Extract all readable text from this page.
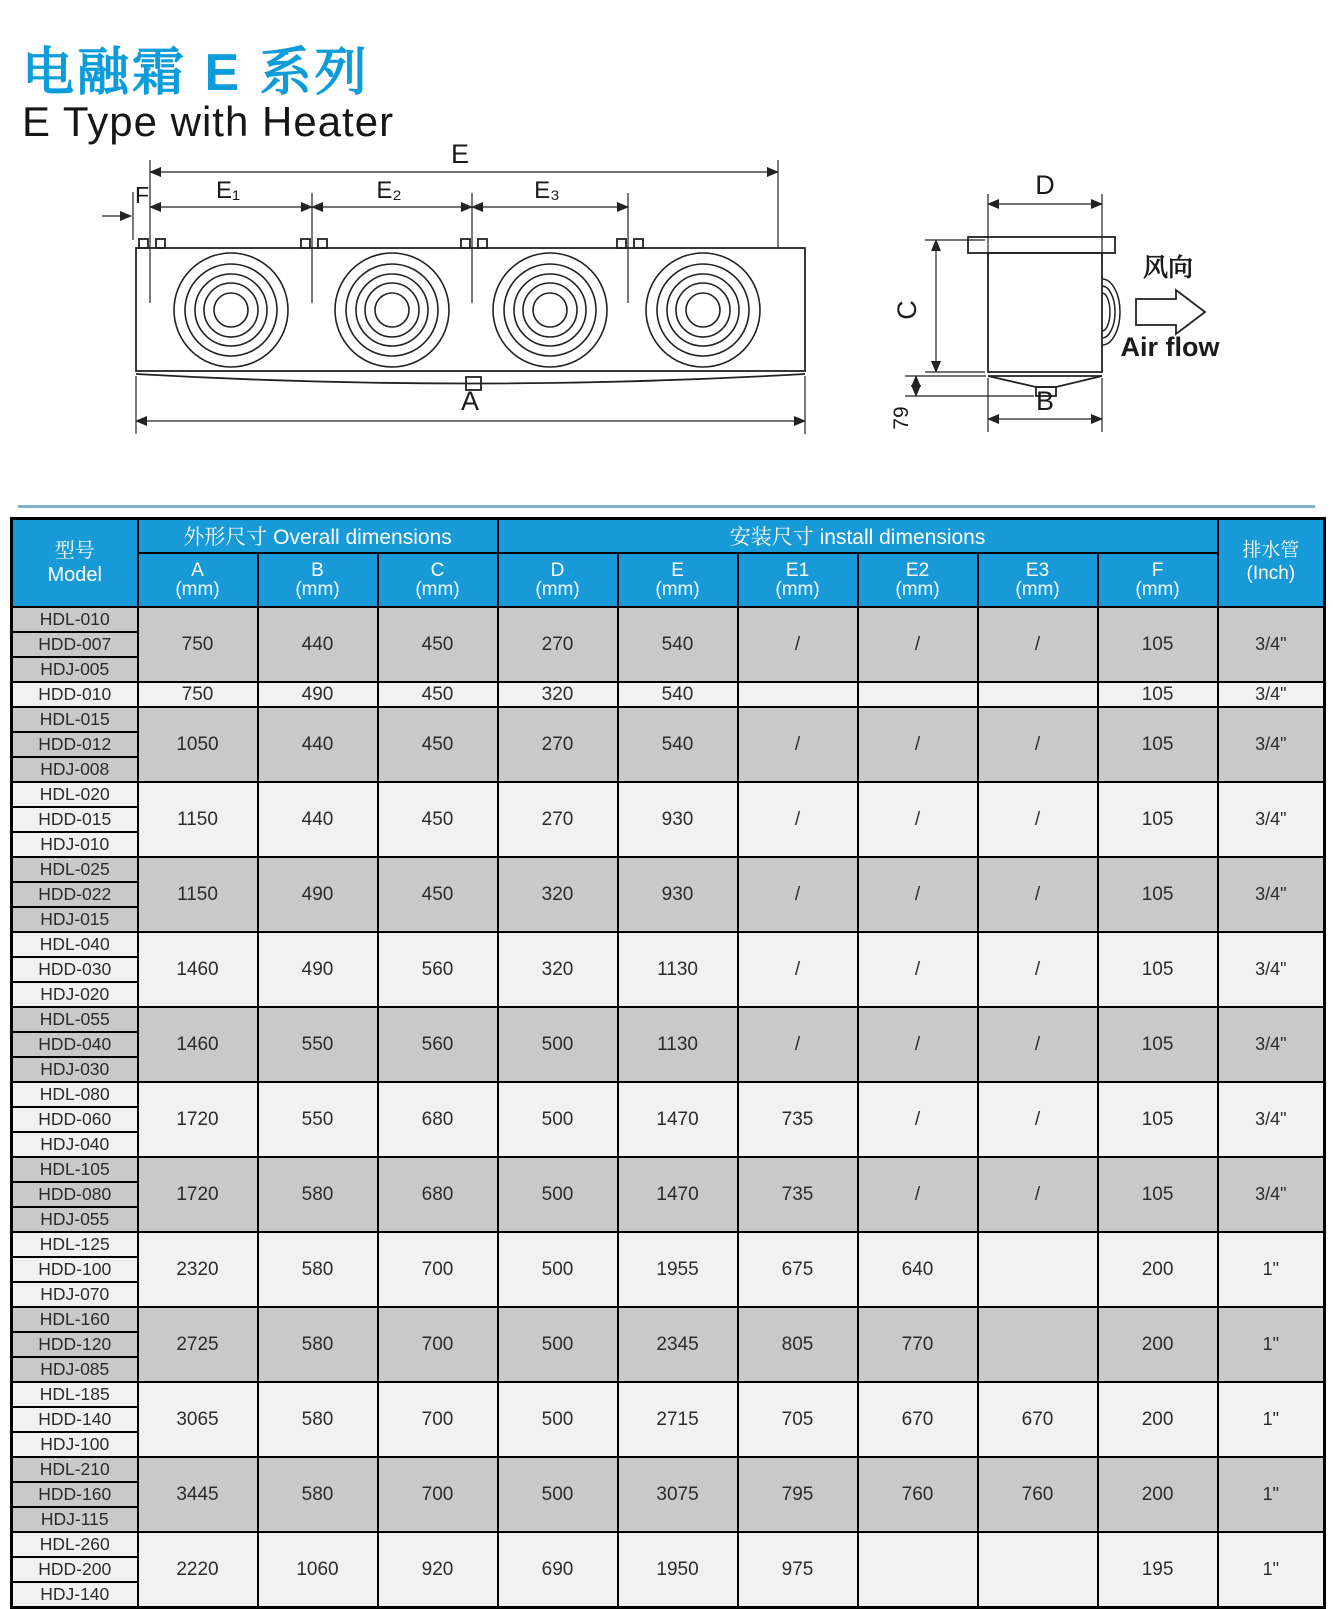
电融霜 E 系列
E Type with Heater
E
E₁	E₂	E₃
F
A
D
C
79
B
风向
Air flow
型号
Model
	外形尺寸 Overall dimensions	安装尺寸 install dimensions	
排水管
(Inch)

A
(mm)

B
(mm)

C
(mm)

D
(mm)

E
(mm)

E1
(mm)

E2
(mm)

E3
(mm)

F
(mm)

HDL-010	750	440	450	270	540	/	/	/	105	3/4"
HDD-007										
HDJ-005										
HDD-010	750	490	450	320	540				105	3/4"
HDL-015	1050	440	450	270	540	/	/	/	105	3/4"
HDD-012										
HDJ-008										
HDL-020	1150	440	450	270	930	/	/	/	105	3/4"
HDD-015										
HDJ-010										
HDL-025	1150	490	450	320	930	/	/	/	105	3/4"
HDD-022										
HDJ-015										
HDL-040	1460	490	560	320	1130	/	/	/	105	3/4"
HDD-030										
HDJ-020										
HDL-055	1460	550	560	500	1130	/	/	/	105	3/4"
HDD-040										
HDJ-030										
HDL-080	1720	550	680	500	1470	735	/	/	105	3/4"
HDD-060										
HDJ-040										
HDL-105	1720	580	680	500	1470	735	/	/	105	3/4"
HDD-080										
HDJ-055										
HDL-125	2320	580	700	500	1955	675	640		200	1"
HDD-100										
HDJ-070										
HDL-160	2725	580	700	500	2345	805	770		200	1"
HDD-120										
HDJ-085										
HDL-185	3065	580	700	500	2715	705	670	670	200	1"
HDD-140										
HDJ-100										
HDL-210	3445	580	700	500	3075	795	760	760	200	1"
HDD-160										
HDJ-115										
HDL-260	2220	1060	920	690	1950	975			195	1"
HDD-200										
HDJ-140										
